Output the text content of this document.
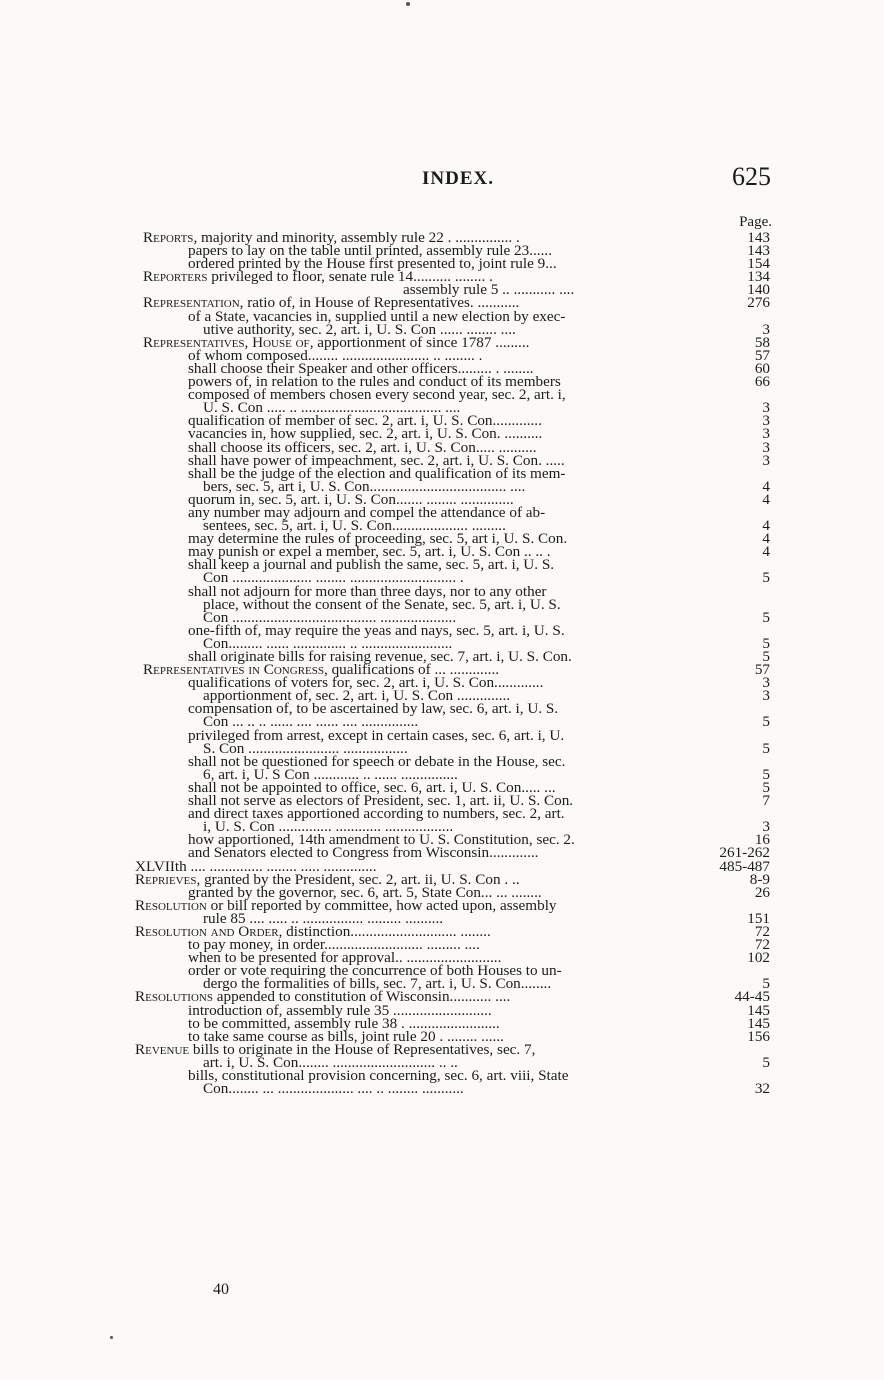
INDEX.	625
Page.
Reports, majority and minority, assembly rule 22 . ............... .	143
papers to lay on the table until printed, assembly rule 23......	143
ordered printed by the House first presented to, joint rule 9...	154
Reporters privileged to floor, senate rule 14.......... ........ .	134
assembly rule 5 .. ........... ....	140
Representation, ratio of, in House of Representatives. ...........	276
of a State, vacancies in, supplied until a new election by exec-
utive authority, sec. 2, art. i, U. S. Con ...... ........ ....	3
Representatives, House of, apportionment of since 1787 .........	58
of whom composed........ ....................... .. ........ .	57
shall choose their Speaker and other officers......... . ........	60
powers of, in relation to the rules and conduct of its members	66
composed of members chosen every second year, sec. 2, art. i,
U. S. Con ..... .. ..................................... ....	3
qualification of member of sec. 2, art. i, U. S. Con.............	3
vacancies in, how supplied, sec. 2, art. i, U. S. Con. ..........	3
shall choose its officers, sec. 2, art. i, U. S. Con..... ..........	3
shall have power of impeachment, sec. 2, art. i, U. S. Con. .....	3
shall be the judge of the election and qualification of its mem-
bers, sec. 5, art i, U. S. Con.................................... ....	4
quorum in, sec. 5, art. i, U. S. Con....... ........ ..............	4
any number may adjourn and compel the attendance of ab-
sentees, sec. 5, art. i, U. S. Con.................... .........	4
may determine the rules of proceeding, sec. 5, art i, U. S. Con.	4
may punish or expel a member, sec. 5, art. i, U. S. Con .. .. .	4
shall keep a journal and publish the same, sec. 5, art. i, U. S.
Con ..................... ........ ............................ .	5
shall not adjourn for more than three days, nor to any other
place, without the consent of the Senate, sec. 5, art. i, U. S.
Con ...................................... ....................	5
one-fifth of, may require the yeas and nays, sec. 5, art. i, U. S.
Con......... ...... .............. .. ........................	5
shall originate bills for raising revenue, sec. 7, art. i, U. S. Con.	5
Representatives in Congress, qualifications of ... .............	57
qualifications of voters for, sec. 2, art. i, U. S. Con.............	3
apportionment of, sec. 2, art. i, U. S. Con ..............	3
compensation of, to be ascertained by law, sec. 6, art. i, U. S.
Con ... .. .. ...... .... ...... .... ...............	5
privileged from arrest, except in certain cases, sec. 6, art. i, U.
S. Con ........................ .................	5
shall not be questioned for speech or debate in the House, sec.
6, art. i, U. S Con ............ .. ...... ...............	5
shall not be appointed to office, sec. 6, art. i, U. S. Con..... ...	5
shall not serve as electors of President, sec. 1, art. ii, U. S. Con.	7
and direct taxes apportioned according to numbers, sec. 2, art.
i, U. S. Con .............. ............ ..................	3
how apportioned, 14th amendment to U. S. Constitution, sec. 2.	16
and Senators elected to Congress from Wisconsin.............	261-262
XLVIIth .... .............. ........ ..... ..............	485-487
Reprieves, granted by the President, sec. 2, art. ii, U. S. Con . ..	8-9
granted by the governor, sec. 6, art. 5, State Con... ... ........	26
Resolution or bill reported by committee, how acted upon, assembly
rule 85 .... ..... .. ................ ......... ..........	151
Resolution and Order, distinction............................ ........	72
to pay money, in order.......................... ......... ....	72
when to be presented for approval.. .........................	102
order or vote requiring the concurrence of both Houses to un-
dergo the formalities of bills, sec. 7, art. i, U. S. Con........	5
Resolutions appended to constitution of Wisconsin........... ....	44-45
introduction of, assembly rule 35 ..........................	145
to be committed, assembly rule 38 . ........................	145
to take same course as bills, joint rule 20 . ........ ......	156
Revenue bills to originate in the House of Representatives, sec. 7,
art. i, U. S. Con........ ........................... .. ..	5
bills, constitutional provision concerning, sec. 6, art. viii, State
Con........ ... .................... .... .. ........ ...........	32
40
